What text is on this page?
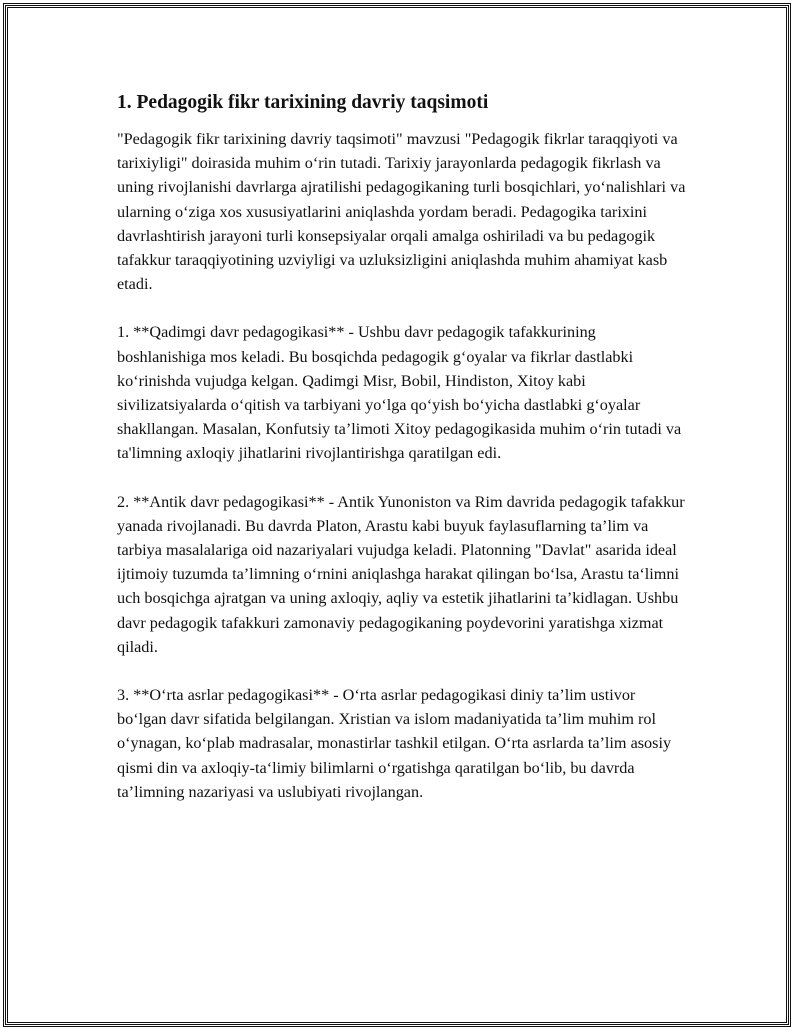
1. Pedagogik fikr tarixining davriy taqsimoti

"Pedagogik fikr tarixining davriy taqsimoti" mavzusi "Pedagogik fikrlar taraqqiyoti va tarixiyligi" doirasida muhim oʻrin tutadi. Tarixiy jarayonlarda pedagogik fikrlash va uning rivojlanishi davrlarga ajratilishi pedagogikaning turli bosqichlari, yoʻnalishlari va ularning oʻziga xos xususiyatlarini aniqlashda yordam beradi. Pedagogika tarixini davrlashtirish jarayoni turli konsepsiyalar orqali amalga oshiriladi va bu pedagogik tafakkur taraqqiyotining uzviyligi va uzluksizligini aniqlashda muhim ahamiyat kasb etadi.

1. **Qadimgi davr pedagogikasi** - Ushbu davr pedagogik tafakkurining boshlanishiga mos keladi. Bu bosqichda pedagogik gʻoyalar va fikrlar dastlabki koʻrinishda vujudga kelgan. Qadimgi Misr, Bobil, Hindiston, Xitoy kabi sivilizatsiyalarda oʻqitish va tarbiyani yoʻlga qoʻyish boʻyicha dastlabki gʻoyalar shakllangan. Masalan, Konfutsiy taʼlimoti Xitoy pedagogikasida muhim oʻrin tutadi va ta'limning axloqiy jihatlarini rivojlantirishga qaratilgan edi.

2. **Antik davr pedagogikasi** - Antik Yunoniston va Rim davrida pedagogik tafakkur yanada rivojlanadi. Bu davrda Platon, Arastu kabi buyuk faylasuflarning taʼlim va tarbiya masalalariga oid nazariyalari vujudga keladi. Platonning "Davlat" asarida ideal ijtimoiy tuzumda taʼlimning oʻrnini aniqlashga harakat qilingan boʻlsa, Arastu taʻlimni uch bosqichga ajratgan va uning axloqiy, aqliy va estetik jihatlarini taʼkidlagan. Ushbu davr pedagogik tafakkuri zamonaviy pedagogikaning poydevorini yaratishga xizmat qiladi.

3. **Oʻrta asrlar pedagogikasi** - Oʻrta asrlar pedagogikasi diniy taʼlim ustivor boʻlgan davr sifatida belgilangan. Xristian va islom madaniyatida taʼlim muhim rol oʻynagan, koʻplab madrasalar, monastirlar tashkil etilgan. Oʻrta asrlarda taʼlim asosiy qismi din va axloqiy-taʻlimiy bilimlarni oʻrgatishga qaratilgan boʻlib, bu davrda taʼlimning nazariyasi va uslubiyati rivojlangan.
